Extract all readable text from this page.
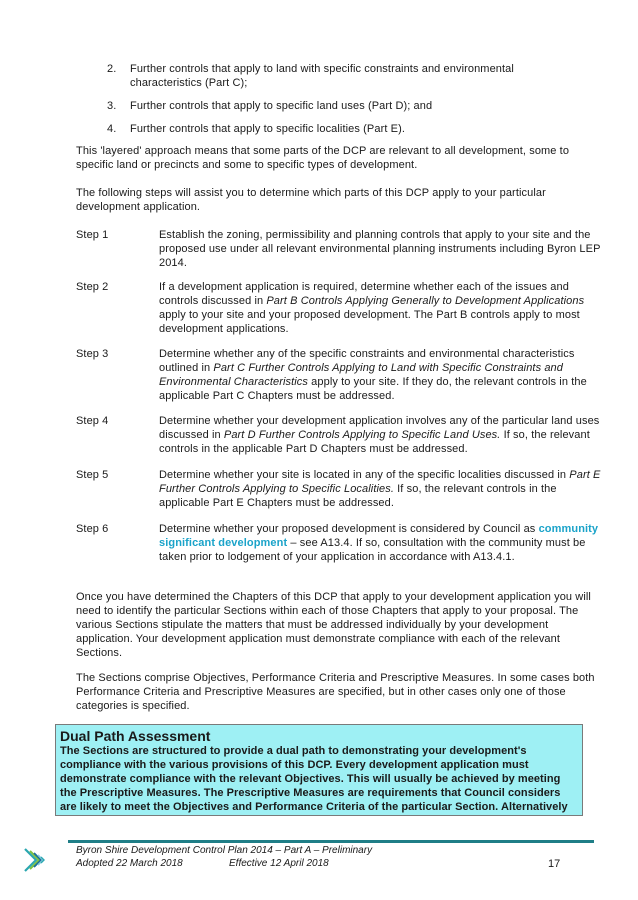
2.	Further controls that apply to land with specific constraints and environmental characteristics (Part C);
3.	Further controls that apply to specific land uses (Part D); and
4.	Further controls that apply to specific localities (Part E).
This 'layered' approach means that some parts of the DCP are relevant to all development, some to specific land or precincts and some to specific types of development.
The following steps will assist you to determine which parts of this DCP apply to your particular development application.
Step 1	Establish the zoning, permissibility and planning controls that apply to your site and the proposed use under all relevant environmental planning instruments including Byron LEP 2014.
Step 2	If a development application is required, determine whether each of the issues and controls discussed in Part B Controls Applying Generally to Development Applications apply to your site and your proposed development. The Part B controls apply to most development applications.
Step 3	Determine whether any of the specific constraints and environmental characteristics outlined in Part C Further Controls Applying to Land with Specific Constraints and Environmental Characteristics apply to your site. If they do, the relevant controls in the applicable Part C Chapters must be addressed.
Step 4	Determine whether your development application involves any of the particular land uses discussed in Part D Further Controls Applying to Specific Land Uses. If so, the relevant controls in the applicable Part D Chapters must be addressed.
Step 5	Determine whether your site is located in any of the specific localities discussed in Part E Further Controls Applying to Specific Localities. If so, the relevant controls in the applicable Part E Chapters must be addressed.
Step 6	Determine whether your proposed development is considered by Council as community significant development – see A13.4. If so, consultation with the community must be taken prior to lodgement of your application in accordance with A13.4.1.
Once you have determined the Chapters of this DCP that apply to your development application you will need to identify the particular Sections within each of those Chapters that apply to your proposal. The various Sections stipulate the matters that must be addressed individually by your development application. Your development application must demonstrate compliance with each of the relevant Sections.
The Sections comprise Objectives, Performance Criteria and Prescriptive Measures. In some cases both Performance Criteria and Prescriptive Measures are specified, but in other cases only one of those categories is specified.
Dual Path Assessment
The Sections are structured to provide a dual path to demonstrating your development's compliance with the various provisions of this DCP. Every development application must demonstrate compliance with the relevant Objectives. This will usually be achieved by meeting the Prescriptive Measures. The Prescriptive Measures are requirements that Council considers are likely to meet the Objectives and Performance Criteria of the particular Section. Alternatively
Byron Shire Development Control Plan 2014 – Part A – Preliminary
Adopted 22 March 2018	Effective 12 April 2018	17
